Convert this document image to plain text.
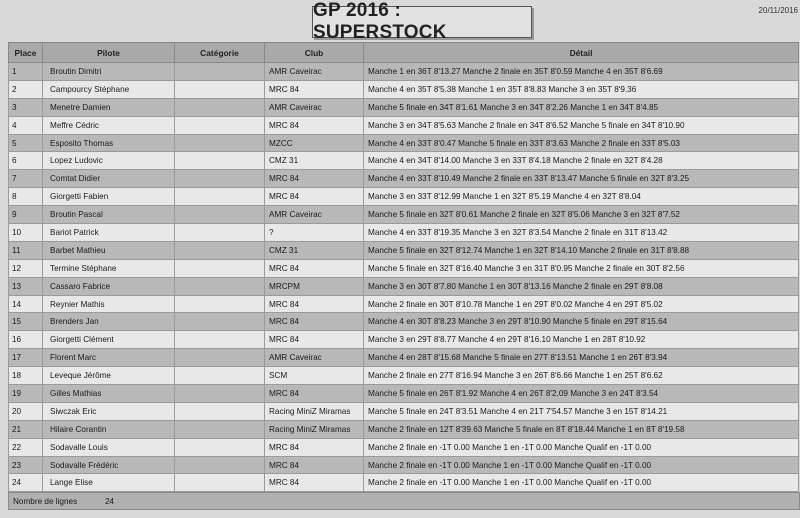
20/11/2016
GP 2016 : SUPERSTOCK
Place	Pilote	Catégorie	Club	Détail
1	Broutin Dimitri		AMR Caveirac	Manche 1 en 36T 8'13.27 Manche 2 finale en 35T 8'0.59 Manche 4 en 35T 8'6.69
2	Campourcy Stéphane		MRC 84	Manche 4 en 35T 8'5.38 Manche 1 en 35T 8'8.83 Manche 3 en 35T 8'9.36
3	Menetre Damien		AMR Caveirac	Manche 5 finale en 34T 8'1.61 Manche 3 en 34T 8'2.26 Manche 1 en 34T 8'4.85
4	Meffre Cédric		MRC 84	Manche 3 en 34T 8'5.63 Manche 2 finale en 34T 8'6.52 Manche 5 finale en 34T 8'10.90
5	Esposito Thomas		MZCC	Manche 4 en 33T 8'0.47 Manche 5 finale en 33T 8'3.63 Manche 2 finale en 33T 8'5.03
6	Lopez Ludovic		CMZ 31	Manche 4 en 34T 8'14.00 Manche 3 en 33T 8'4.18 Manche 2 finale en 32T 8'4.28
7	Comtat Didier		MRC 84	Manche 4 en 33T 8'10.49 Manche 2 finale en 33T 8'13.47 Manche 5 finale en 32T 8'3.25
8	Giorgetti Fabien		MRC 84	Manche 3 en 33T 8'12.99 Manche 1 en 32T 8'5.19 Manche 4 en 32T 8'8.04
9	Broutin Pascal		AMR Caveirac	Manche 5 finale en 32T 8'0.61 Manche 2 finale en 32T 8'5.06 Manche 3 en 32T 8'7.52
10	Bariot Patrick		?	Manche 4 en 33T 8'19.35 Manche 3 en 32T 8'3.54 Manche 2 finale en 31T 8'13.42
11	Barbet Mathieu		CMZ 31	Manche 5 finale en 32T 8'12.74 Manche 1 en 32T 8'14.10 Manche 2 finale en 31T 8'8.88
12	Termine Stéphane		MRC 84	Manche 5 finale en 32T 8'16.40 Manche 3 en 31T 8'0.95 Manche 2 finale en 30T 8'2.56
13	Cassaro Fabrice		MRCPM	Manche 3 en 30T 8'7.80 Manche 1 en 30T 8'13.16 Manche 2 finale en 29T 8'8.08
14	Reynier Mathis		MRC 84	Manche 2 finale en 30T 8'10.78 Manche 1 en 29T 8'0.02 Manche 4 en 29T 8'5.02
15	Brenders Jan		MRC 84	Manche 4 en 30T 8'8.23 Manche 3 en 29T 8'10.90 Manche 5 finale en 29T 8'15.64
16	Giorgetti Clément		MRC 84	Manche 3 en 29T 8'8.77 Manche 4 en 29T 8'16.10 Manche 1 en 28T 8'10.92
17	Florent Marc		AMR Caveirac	Manche 4 en 28T 8'15.68 Manche 5 finale en 27T 8'13.51 Manche 1 en 26T 8'3.94
18	Leveque Jérôme		SCM	Manche 2 finale en 27T 8'16.94 Manche 3 en 26T 8'6.66 Manche 1 en 25T 8'6.62
19	Gilles Mathias		MRC 84	Manche 5 finale en 26T 8'1.92 Manche 4 en 26T 8'2.09 Manche 3 en 24T 8'3.54
20	Siwczak Eric		Racing MiniZ Miramas	Manche 5 finale en 24T 8'3.51 Manche 4 en 21T 7'54.57 Manche 3 en 15T 8'14.21
21	Hilaire Corantin		Racing MiniZ Miramas	Manche 2 finale en 12T 8'39.63 Manche 5 finale en 8T 8'18.44 Manche 1 en 8T 8'19.58
22	Sodavalle Louis		MRC 84	Manche 2 finale en -1T 0.00 Manche 1 en -1T 0.00 Manche Qualif en -1T 0.00
23	Sodavalle Frédéric		MRC 84	Manche 2 finale en -1T 0.00 Manche 1 en -1T 0.00 Manche Qualif en -1T 0.00
24	Lange Elise		MRC 84	Manche 2 finale en -1T 0.00 Manche 1 en -1T 0.00 Manche Qualif en -1T 0.00
Nombre de lignes	24
